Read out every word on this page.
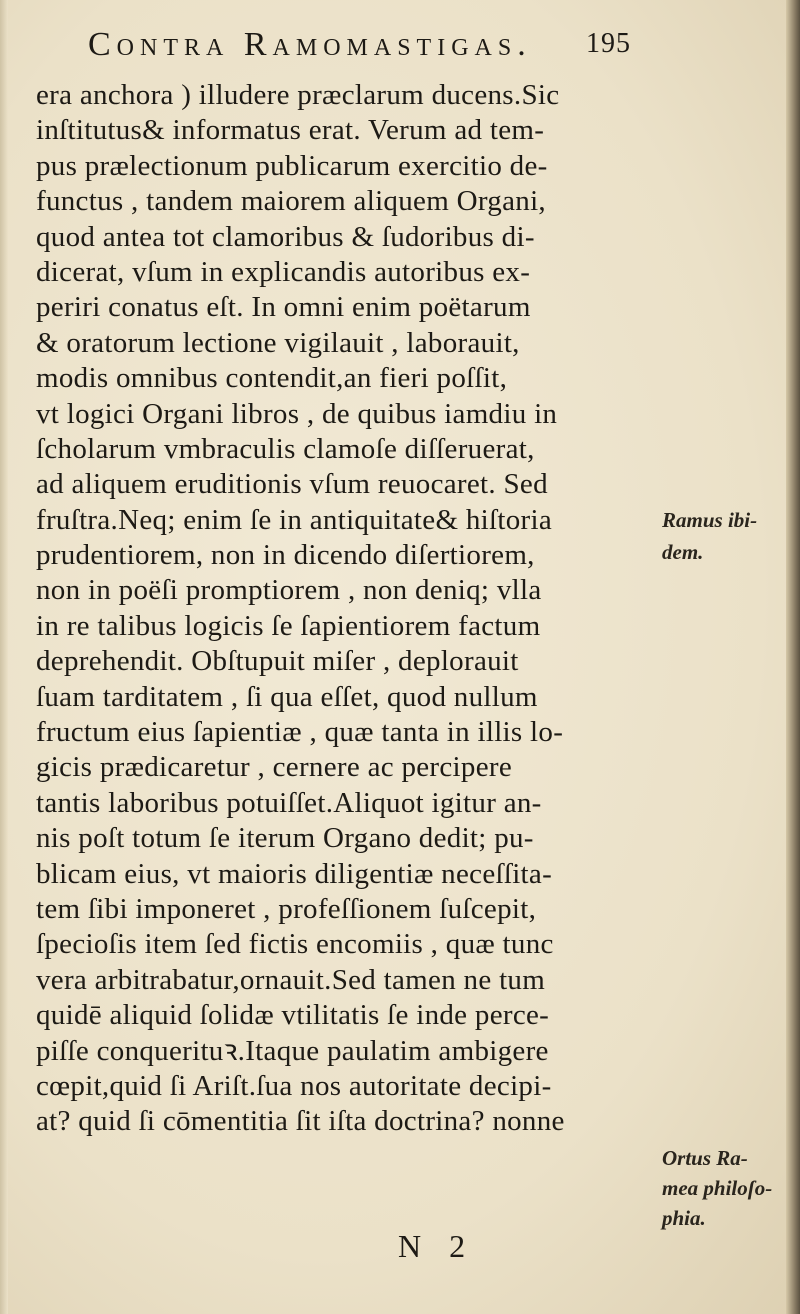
Contra Ramomastigas. 195
era anchora ) illudere præclarum ducens.Sic
inſtitutus& informatus erat. Verum ad tem-
pus prælectionum publicarum exercitio de-
functus , tandem maiorem aliquem Organi,
quod antea tot clamoribus & ſudoribus di-
dicerat, vſum in explicandis autoribus ex-
periri conatus eſt. In omni enim poëtarum
& oratorum lectione vigilauit , laborauit,
modis omnibus contendit,an fieri poſſit,
vt logici Organi libros , de quibus iamdiu in
ſcholarum vmbraculis clamoſe diſſeruerat,
ad aliquem eruditionis vſum reuocaret. Sed
fruſtra.Neq; enim ſe in antiquitate& hiſtoria
prudentiorem, non in dicendo diſertiorem,
non in poëſi promptiorem , non deniq; vlla
in re talibus logicis ſe ſapientiorem factum
deprehendit. Obſtupuit miſer , deplorauit
ſuam tarditatem , ſi qua eſſet, quod nullum
fructum eius ſapientiæ , quæ tanta in illis lo-
gicis prædicaretur , cernere ac percipere
tantis laboribus potuiſſet.Aliquot igitur an-
nis poſt totum ſe iterum Organo dedit; pu-
blicam eius, vt maioris diligentiæ neceſſita-
tem ſibi imponeret , profeſſionem ſuſcepit,
ſpecioſis item ſed fictis encomiis , quæ tunc
vera arbitrabatur,ornauit.Sed tamen ne tum
quidē aliquid ſolidæ vtilitatis ſe inde perce-
piſſe conquerituꝛ.Itaque paulatim ambigere
cœpit,quid ſi Ariſt.ſua nos autoritate decipi-
at? quid ſi cōmentitia ſit iſta doctrina? nonne
Ramus ibi-
dem.
Ortus Ra-
mea philoſo-
phia.
N 2
